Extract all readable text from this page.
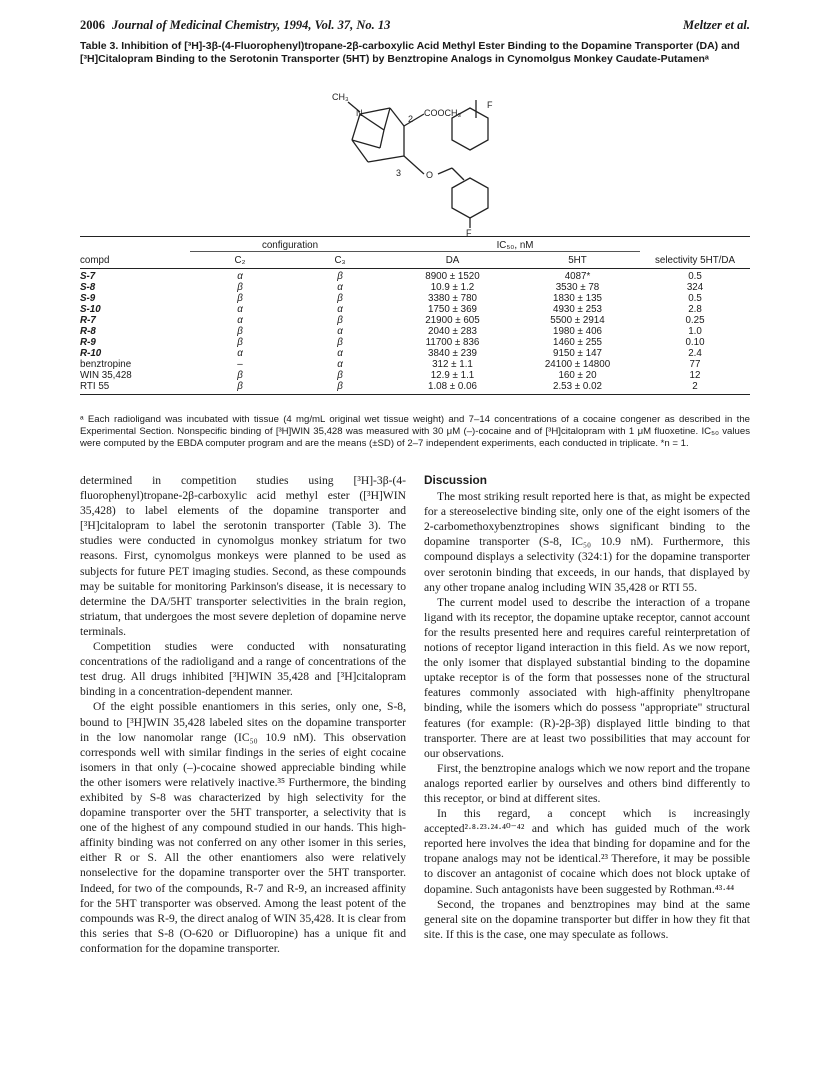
2006 Journal of Medicinal Chemistry, 1994, Vol. 37, No. 13	Meltzer et al.
Table 3. Inhibition of [³H]-3β-(4-Fluorophenyl)tropane-2β-carboxylic Acid Methyl Ester Binding to the Dopamine Transporter (DA) and [³H]Citalopram Binding to the Serotonin Transporter (5HT) by Benztropine Analogs in Cynomolgus Monkey Caudate-Putamenᵃ
CH₃
N
2
COOCH₃
3	O
F
F
	configuration		IC₅₀, nM		
compd	C₂	C₃	DA	5HT	selectivity 5HT/DA
S-7	α	β	8900 ± 1520	4087*	0.5
S-8	β	α	10.9 ± 1.2	3530 ± 78	324
S-9	β	β	3380 ± 780	1830 ± 135	0.5
S-10	α	α	1750 ± 369	4930 ± 253	2.8
R-7	α	β	21900 ± 605	5500 ± 2914	0.25
R-8	β	α	2040 ± 283	1980 ± 406	1.0
R-9	β	β	11700 ± 836	1460 ± 255	0.10
R-10	α	α	3840 ± 239	9150 ± 147	2.4
benztropine	–	α	312 ± 1.1	24100 ± 14800	77
WIN 35,428	β	β	12.9 ± 1.1	160 ± 20	12
RTI 55	β	β	1.08 ± 0.06	2.53 ± 0.02	2
ᵃ Each radioligand was incubated with tissue (4 mg/mL original wet tissue weight) and 7–14 concentrations of a cocaine congener as described in the Experimental Section. Nonspecific binding of [³H]WIN 35,428 was measured with 30 μM (–)-cocaine and of [³H]citalopram with 1 μM fluoxetine. IC₅₀ values were computed by the EBDA computer program and are the means (±SD) of 2–7 independent experiments, each conducted in triplicate. *n = 1.

determined in competition studies using [³H]-3β-(4-fluorophenyl)tropane-2β-carboxylic acid methyl ester ([³H]WIN 35,428) to label elements of the dopamine transporter and [³H]citalopram to label the serotonin transporter (Table 3). The studies were conducted in cynomolgus monkey striatum for two reasons. First, cynomolgus monkeys were planned to be used as subjects for future PET imaging studies. Second, as these compounds may be suitable for monitoring Parkinson's disease, it is necessary to determine the DA/5HT transporter selectivities in the brain region, striatum, that undergoes the most severe depletion of dopamine nerve terminals.

Competition studies were conducted with nonsaturating concentrations of the radioligand and a range of concentrations of the test drug. All drugs inhibited [³H]WIN 35,428 and [³H]citalopram binding in a concentration-dependent manner.

Of the eight possible enantiomers in this series, only one, S-8, bound to [³H]WIN 35,428 labeled sites on the dopamine transporter in the low nanomolar range (IC₅₀ 10.9 nM). This observation corresponds well with similar findings in the series of eight cocaine isomers in that only (–)-cocaine showed appreciable binding while the other isomers were relatively inactive.³⁵ Furthermore, the binding exhibited by S-8 was characterized by high selectivity for the dopamine transporter over the 5HT transporter, a selectivity that is one of the highest of any compound studied in our hands. This high-affinity binding was not conferred on any other isomer in this series, either R or S. All the other enantiomers also were relatively nonselective for the dopamine transporter over the 5HT transporter. Indeed, for two of the compounds, R-7 and R-9, an increased affinity for the 5HT transporter was observed. Among the least potent of the compounds was R-9, the direct analog of WIN 35,428. It is clear from this series that S-8 (O-620 or Difluoropine) has a unique fit and conformation for the dopamine transporter.

Discussion

The most striking result reported here is that, as might be expected for a stereoselective binding site, only one of the eight isomers of the 2-carbomethoxybenztropines shows significant binding to the dopamine transporter (S-8, IC₅₀ 10.9 nM). Furthermore, this compound displays a selectivity (324:1) for the dopamine transporter over serotonin binding that exceeds, in our hands, that displayed by any other tropane analog including WIN 35,428 or RTI 55.

The current model used to describe the interaction of a tropane ligand with its receptor, the dopamine uptake receptor, cannot account for the results presented here and requires careful reinterpretation of notions of receptor ligand interaction in this field. As we now report, the only isomer that displayed substantial binding to the dopamine uptake receptor is of the form that possesses none of the structural features commonly associated with high-affinity phenyltropane binding, while the isomers which do possess "appropriate" structural features (for example: (R)-2β-3β) displayed little binding to that transporter. There are at least two possibilities that may account for our observations.

First, the benztropine analogs which we now report and the tropane analogs reported earlier by ourselves and others bind differently to this receptor, or bind at different sites.

In this regard, a concept which is increasingly accepted²·⁸·²³·²⁴·⁴⁰⁻⁴² and which has guided much of the work reported here involves the idea that binding for dopamine and for the tropane analogs may not be identical.²³ Therefore, it may be possible to discover an antagonist of cocaine which does not block uptake of dopamine. Such antagonists have been suggested by Rothman.⁴³·⁴⁴

Second, the tropanes and benztropines may bind at the same general site on the dopamine transporter but differ in how they fit that site. If this is the case, one may speculate as follows.
